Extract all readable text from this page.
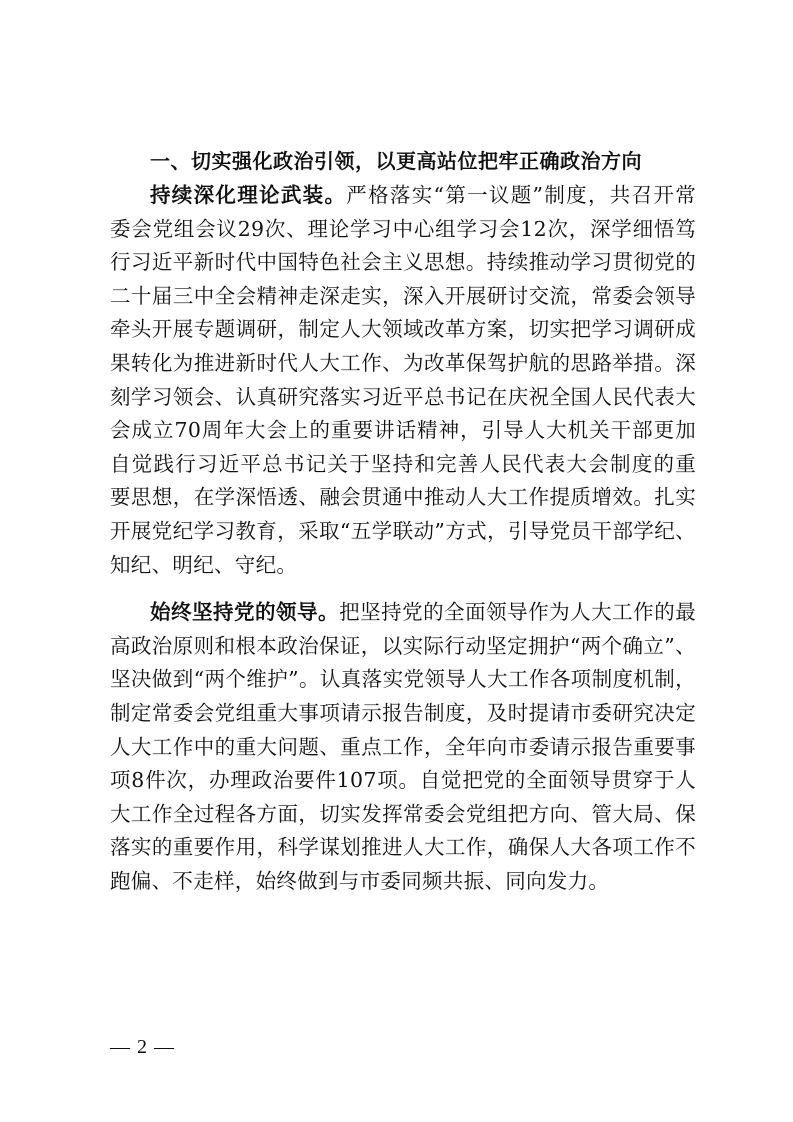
一、切实强化政治引领，以更高站位把牢正确政治方向

持续深化理论武装。严格落实“第一议题”制度，共召开常

委会党组会议29次、理论学习中心组学习会12次，深学细悟笃

行习近平新时代中国特色社会主义思想。持续推动学习贯彻党的

二十届三中全会精神走深走实，深入开展研讨交流，常委会领导

牵头开展专题调研，制定人大领域改革方案，切实把学习调研成

果转化为推进新时代人大工作、为改革保驾护航的思路举措。深

刻学习领会、认真研究落实习近平总书记在庆祝全国人民代表大

会成立70周年大会上的重要讲话精神，引导人大机关干部更加

自觉践行习近平总书记关于坚持和完善人民代表大会制度的重

要思想，在学深悟透、融会贯通中推动人大工作提质增效。扎实

开展党纪学习教育，采取“五学联动”方式，引导党员干部学纪、

知纪、明纪、守纪。

始终坚持党的领导。把坚持党的全面领导作为人大工作的最

高政治原则和根本政治保证，以实际行动坚定拥护“两个确立”、

坚决做到“两个维护”。认真落实党领导人大工作各项制度机制，

制定常委会党组重大事项请示报告制度，及时提请市委研究决定

人大工作中的重大问题、重点工作，全年向市委请示报告重要事

项8件次，办理政治要件107项。自觉把党的全面领导贯穿于人

大工作全过程各方面，切实发挥常委会党组把方向、管大局、保

落实的重要作用，科学谋划推进人大工作，确保人大各项工作不

跑偏、不走样，始终做到与市委同频共振、同向发力。

— 2 —
